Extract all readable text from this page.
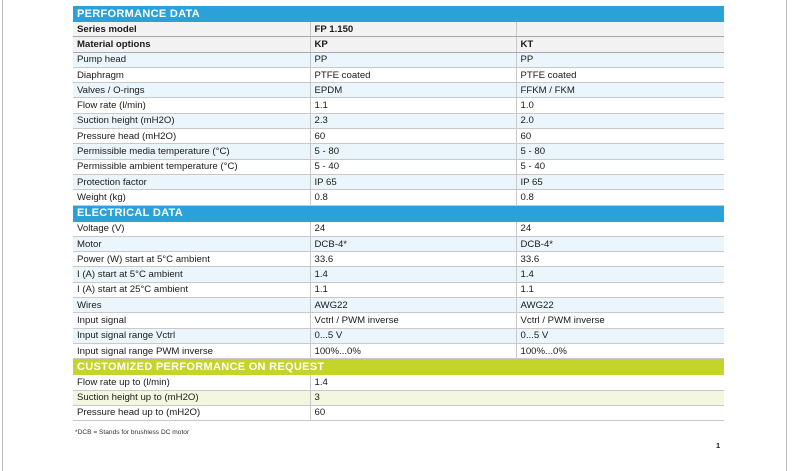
PERFORMANCE DATA		
Series model	FP 1.150	
Material options	KP	KT
Pump head	PP	PP
Diaphragm	PTFE coated	PTFE coated
Valves / O-rings	EPDM	FFKM / FKM
Flow rate (l/min)	1.1	1.0
Suction height (mH2O)	2.3	2.0
Pressure head (mH2O)	60	60
Permissible media temperature (°C)	5 - 80	5 - 80
Permissible ambient temperature (°C)	5 - 40	5 - 40
Protection factor	IP 65	IP 65
Weight (kg)	0.8	0.8
ELECTRICAL DATA		
Voltage (V)	24	24
Motor	DCB-4*	DCB-4*
Power (W) start at 5°C ambient	33.6	33.6
I (A) start at 5°C ambient	1.4	1.4
I (A) start at 25°C ambient	1.1	1.1
Wires	AWG22	AWG22
Input signal	Vctrl / PWM inverse	Vctrl / PWM inverse
Input signal range Vctrl	0...5 V	0...5 V
Input signal range PWM inverse	100%...0%	100%...0%
CUSTOMIZED PERFORMANCE ON REQUEST		
Flow rate up to (l/min)	1.4	
Suction height up to (mH2O)	3	
Pressure head up to (mH2O)	60	
*DCB = Stands for brushless DC motor
1
